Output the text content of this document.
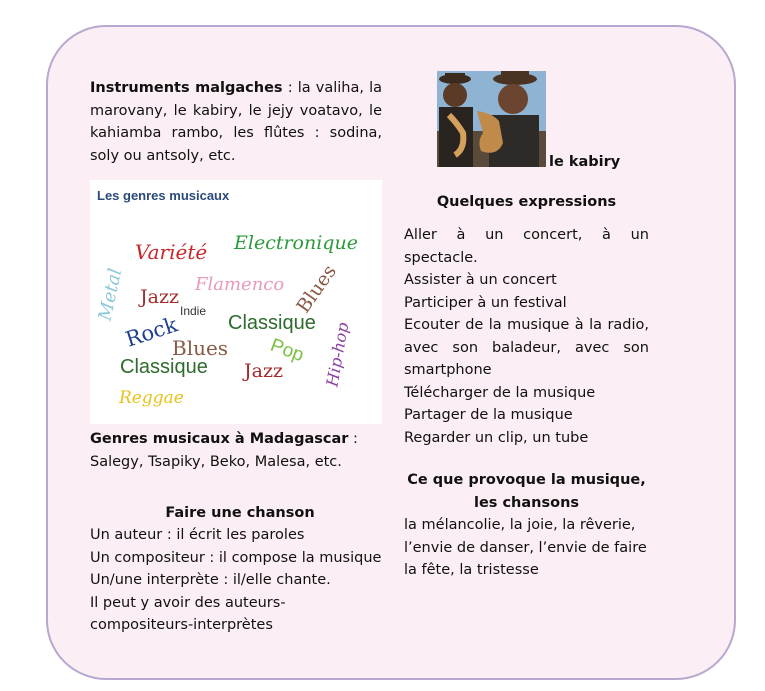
Instruments malgaches : la valiha, la marovany, le kabiry, le jejy voatavo, le kahiamba rambo, les flûtes : sodina, soly ou antsoly, etc.
Les genres musicaux
Variété Electronique
Metal	Flamenco Blues
Jazz
Indie
Rock Classique Hip-hop
Blues Pop
Classique Jazz
Reggae
Genres musicaux à Madagascar : Salegy, Tsapiky, Beko, Malesa, etc.
Faire une chanson
Un auteur : il écrit les paroles
Un compositeur : il compose la musique
Un/une interprète : il/elle chante.
Il peut y avoir des auteurs-compositeurs-interprètes
le kabiry
Quelques expressions
Aller à un concert, à un spectacle.
Assister à un concert
Participer à un festival
Ecouter de la musique à la radio, avec son baladeur, avec son smartphone
Télécharger de la musique
Partager de la musique
Regarder un clip, un tube
Ce que provoque la musique, les chansons
la mélancolie, la joie, la rêverie, l’envie de danser, l’envie de faire la fête, la tristesse
